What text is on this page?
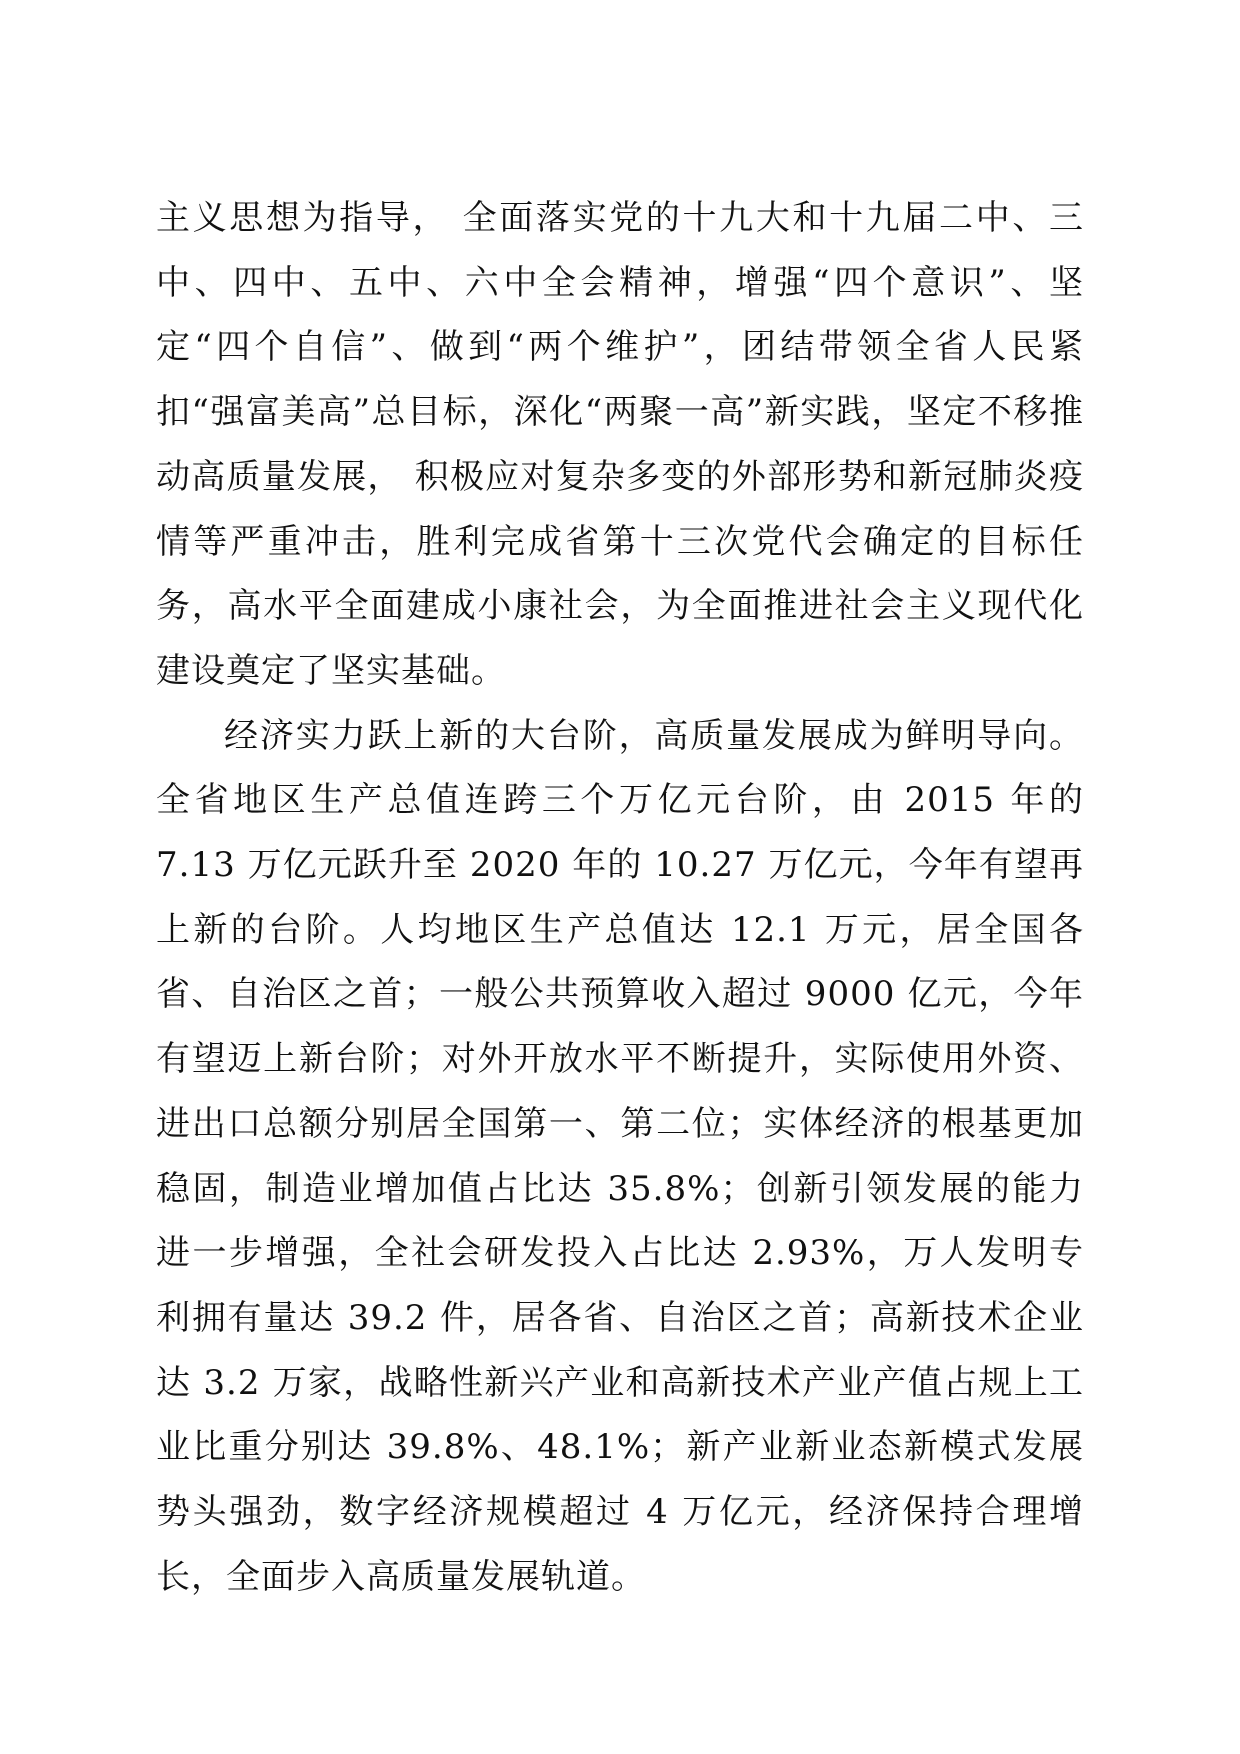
主义思想为指导， 全面落实党的十九大和十九届二中、三中、四中、五中、六中全会精神，增强“四个意识”、坚定“四个自信”、做到“两个维护”，团结带领全省人民紧扣“强富美高”总目标，深化“两聚一高”新实践，坚定不移推动高质量发展， 积极应对复杂多变的外部形势和新冠肺炎疫情等严重冲击，胜利完成省第十三次党代会确定的目标任务，高水平全面建成小康社会，为全面推进社会主义现代化建设奠定了坚实基础。

经济实力跃上新的大台阶，高质量发展成为鲜明导向。全省地区生产总值连跨三个万亿元台阶，由 2015 年的 7.13 万亿元跃升至 2020 年的 10.27 万亿元，今年有望再上新的台阶。人均地区生产总值达 12.1 万元，居全国各省、自治区之首；一般公共预算收入超过 9000 亿元，今年有望迈上新台阶；对外开放水平不断提升，实际使用外资、进出口总额分别居全国第一、第二位；实体经济的根基更加稳固，制造业增加值占比达 35.8%；创新引领发展的能力进一步增强，全社会研发投入占比达 2.93%，万人发明专利拥有量达 39.2 件，居各省、自治区之首；高新技术企业达 3.2 万家，战略性新兴产业和高新技术产业产值占规上工业比重分别达 39.8%、48.1%；新产业新业态新模式发展势头强劲，数字经济规模超过 4 万亿元，经济保持合理增长，全面步入高质量发展轨道。
